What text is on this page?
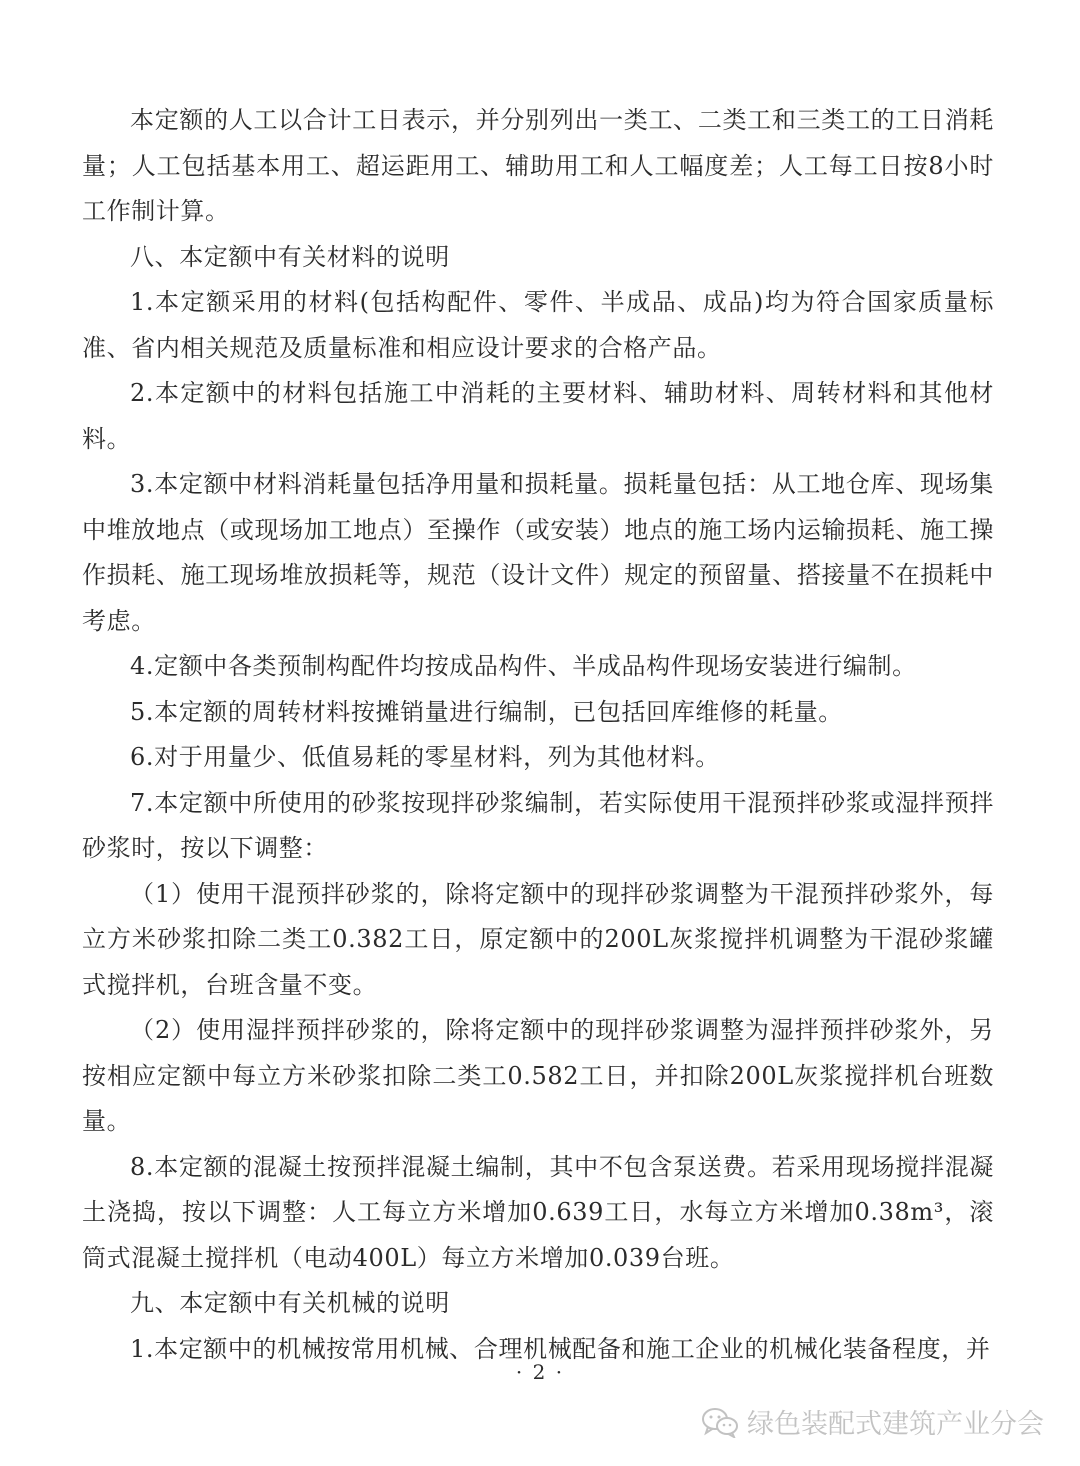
本定额的人工以合计工日表示，并分别列出一类工、二类工和三类工的工日消耗量；人工包括基本用工、超运距用工、辅助用工和人工幅度差；人工每工日按8小时工作制计算。

八、本定额中有关材料的说明

1.本定额采用的材料(包括构配件、零件、半成品、成品)均为符合国家质量标准、省内相关规范及质量标准和相应设计要求的合格产品。

2.本定额中的材料包括施工中消耗的主要材料、辅助材料、周转材料和其他材料。

3.本定额中材料消耗量包括净用量和损耗量。损耗量包括：从工地仓库、现场集中堆放地点（或现场加工地点）至操作（或安装）地点的施工场内运输损耗、施工操作损耗、施工现场堆放损耗等，规范（设计文件）规定的预留量、搭接量不在损耗中考虑。

4.定额中各类预制构配件均按成品构件、半成品构件现场安装进行编制。

5.本定额的周转材料按摊销量进行编制，已包括回库维修的耗量。

6.对于用量少、低值易耗的零星材料，列为其他材料。

7.本定额中所使用的砂浆按现拌砂浆编制，若实际使用干混预拌砂浆或湿拌预拌砂浆时，按以下调整：

（1）使用干混预拌砂浆的，除将定额中的现拌砂浆调整为干混预拌砂浆外，每立方米砂浆扣除二类工0.382工日，原定额中的200L灰浆搅拌机调整为干混砂浆罐式搅拌机，台班含量不变。

（2）使用湿拌预拌砂浆的，除将定额中的现拌砂浆调整为湿拌预拌砂浆外，另按相应定额中每立方米砂浆扣除二类工0.582工日，并扣除200L灰浆搅拌机台班数量。

8.本定额的混凝土按预拌混凝土编制，其中不包含泵送费。若采用现场搅拌混凝土浇捣，按以下调整：人工每立方米增加0.639工日，水每立方米增加0.38m³，滚筒式混凝土搅拌机（电动400L）每立方米增加0.039台班。

九、本定额中有关机械的说明

1.本定额中的机械按常用机械、合理机械配备和施工企业的机械化装备程度，并

· 2 ·
绿色装配式建筑产业分会
